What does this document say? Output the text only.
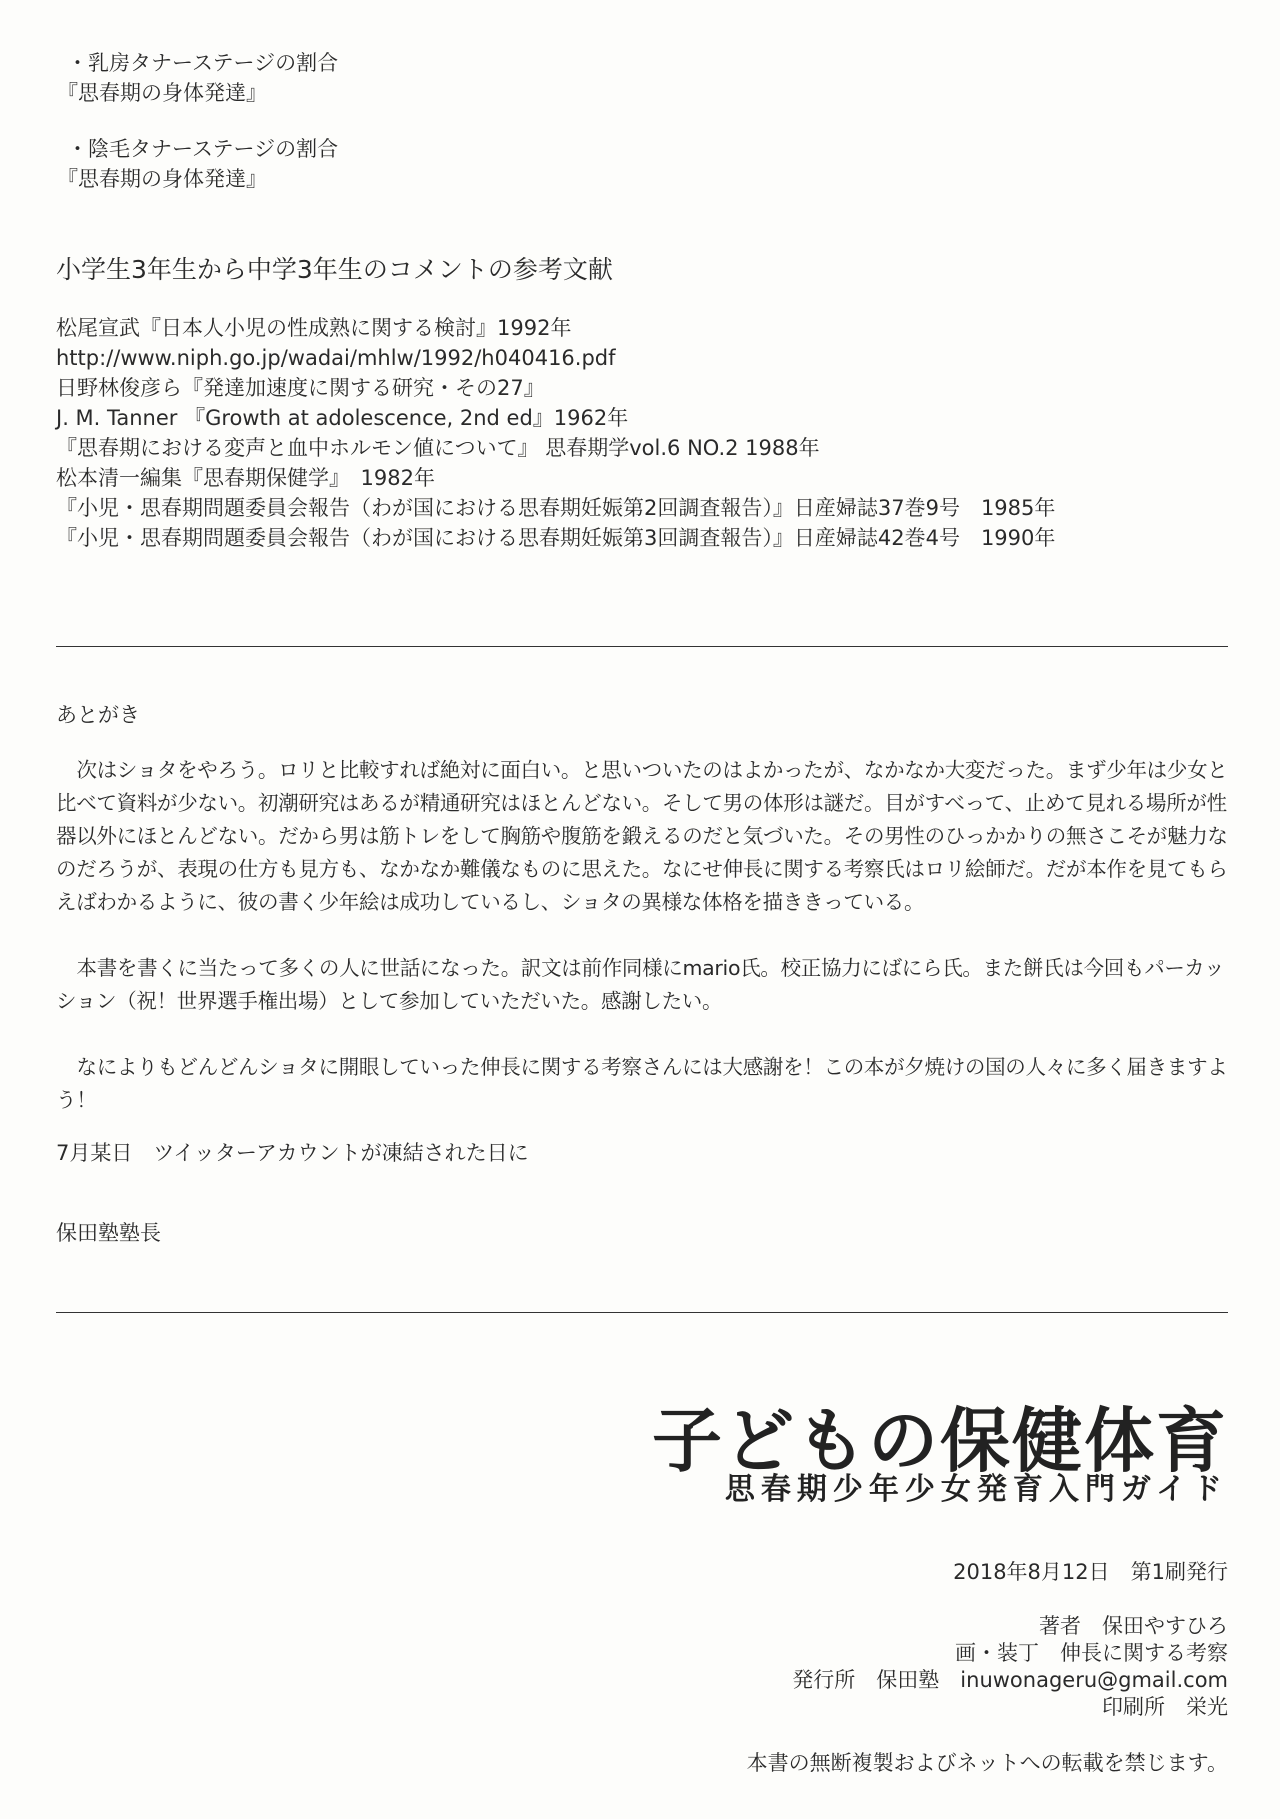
・乳房タナーステージの割合
『思春期の身体発達』
・陰毛タナーステージの割合
『思春期の身体発達』
小学生3年生から中学3年生のコメントの参考文献
松尾宣武『日本人小児の性成熟に関する検討』1992年
http://www.niph.go.jp/wadai/mhlw/1992/h040416.pdf
日野林俊彦ら『発達加速度に関する研究・その27』
J. M. Tanner 『Growth at adolescence, 2nd ed』1962年
『思春期における変声と血中ホルモン値について』 思春期学vol.6 NO.2 1988年
松本清一編集『思春期保健学』　1982年
『小児・思春期問題委員会報告（わが国における思春期妊娠第2回調査報告）』日産婦誌37巻9号　1985年
『小児・思春期問題委員会報告（わが国における思春期妊娠第3回調査報告）』日産婦誌42巻4号　1990年
あとがき

次はショタをやろう。ロリと比較すれば絶対に面白い。と思いついたのはよかったが、なかなか大変だった。まず少年は少女と比べて資料が少ない。初潮研究はあるが精通研究はほとんどない。そして男の体形は謎だ。目がすべって、止めて見れる場所が性器以外にほとんどない。だから男は筋トレをして胸筋や腹筋を鍛えるのだと気づいた。その男性のひっかかりの無さこそが魅力なのだろうが、表現の仕方も見方も、なかなか難儀なものに思えた。なにせ伸長に関する考察氏はロリ絵師だ。だが本作を見てもらえばわかるように、彼の書く少年絵は成功しているし、ショタの異様な体格を描ききっている。

本書を書くに当たって多くの人に世話になった。訳文は前作同様にmario氏。校正協力にばにら氏。また餅氏は今回もパーカッション（祝！世界選手権出場）として参加していただいた。感謝したい。

なによりもどんどんショタに開眼していった伸長に関する考察さんには大感謝を！この本が夕焼けの国の人々に多く届きますよう！

7月某日　ツイッターアカウントが凍結された日に
保田塾塾長
子どもの保健体育
思春期少年少女発育入門ガイド
2018年8月12日　第1刷発行
著者　保田やすひろ
画・装丁　伸長に関する考察
発行所　保田塾　inuwonageru@gmail.com
印刷所　栄光
本書の無断複製およびネットへの転載を禁じます。
